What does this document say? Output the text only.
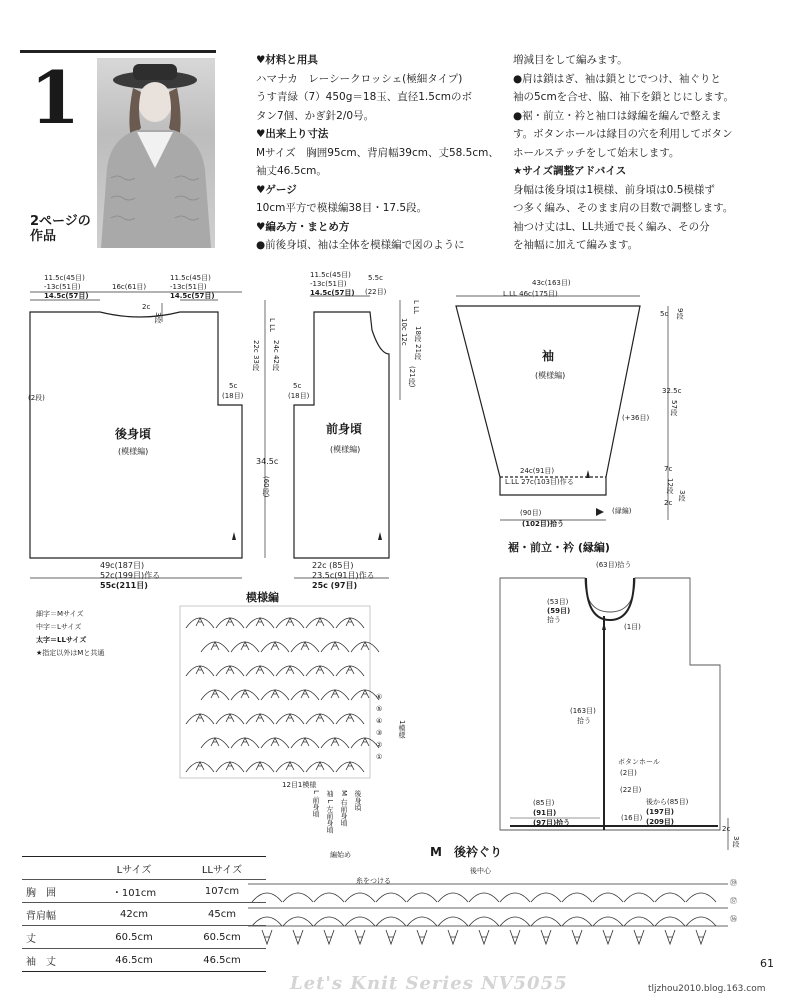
1
2ページの作品

♥材料と用具

ハマナカ　レーシークロッシェ(極細タイプ)

うす青緑（7）450g＝18玉、直径1.5cmのボ

タン7個、かぎ針2/0号。

♥出来上り寸法

Mサイズ　胸囲95cm、背肩幅39cm、丈58.5cm、

袖丈46.5cm。

♥ゲージ

10cm平方で模様編38目・17.5段。

♥編み方・まとめ方

●前後身頃、袖は全体を模様編で図のように

増減目をして編みます。

●肩は鎖はぎ、袖は鎖とじでつけ、袖ぐりと

袖の5cmを合せ、脇、袖下を鎖とじにします。

●裾・前立・衿と袖口は縁編を編んで整えま

す。ボタンホールは縁目の穴を利用してボタン

ホールステッチをして始末します。

★サイズ調整アドバイス

身幅は後身頃は1模様、前身頃は0.5模様ず

つ多く編み、そのまま肩の目数で調整します。

袖つけ丈はL、LL共通で長く編み、その分

を袖幅に加えて編みます。

11.5c(45目)
-13c(51目)
14.5c(57目)
16c(61目)
11.5c(45目)
-13c(51目)
14.5c(57目)
2c
3段
L LL
22c 33段 24c 42段
5c
(18目)
(2段)
後身頃
(模様編)
34.5c
(60段)
49c(187目)
52c(199目)作る
55c(211目)
11.5c(45目)
-13c(51目)
14.5c(57目)
5.5c
(22目)
L LL
10c 12c 18段 21段
(21段)
5c
(18目)
前身頃
(模様編)
22c (85目)
23.5c(91目)作る
25c (97目)
43c(163目)
L.LL 46c(175目)
5c 9段
袖
(模様編)
32.5c
57段
(+36目)
7c
12段
2c
3段
24c(91目)
L.LL 27c(103目)作る
(90目)
(102目)拾う
(縁編)
裾・前立・衿 (縁編)
(63目)拾う
(53目)
(59目)
拾う
(1目)
(163目)
拾う
ボタンホール
(2目)
(22目)
(85目)
(91目)
(97目)拾う
(16目)
後から(85目)
(197目)
(209目)
2c
3段
細字＝Mサイズ
中字＝Lサイズ
太字＝LLサイズ
★指定以外はMと共通
模様編
⑥
⑤
④
③
②
①
1模様
12目1模様
L 前身頃 袖 L 左前身頃 M 右前身頃 後身頃
編始め	M　後衿ぐり
糸をつける
後中心
㊴
㊲
㊱
	Lサイズ	LLサイズ
胸　囲	・101cm	107cm
背肩幅	42cm	45cm
丈	60.5cm	60.5cm
袖　丈	46.5cm	46.5cm
Let's Knit Series NV5055
61
tljzhou2010.blog.163.com
